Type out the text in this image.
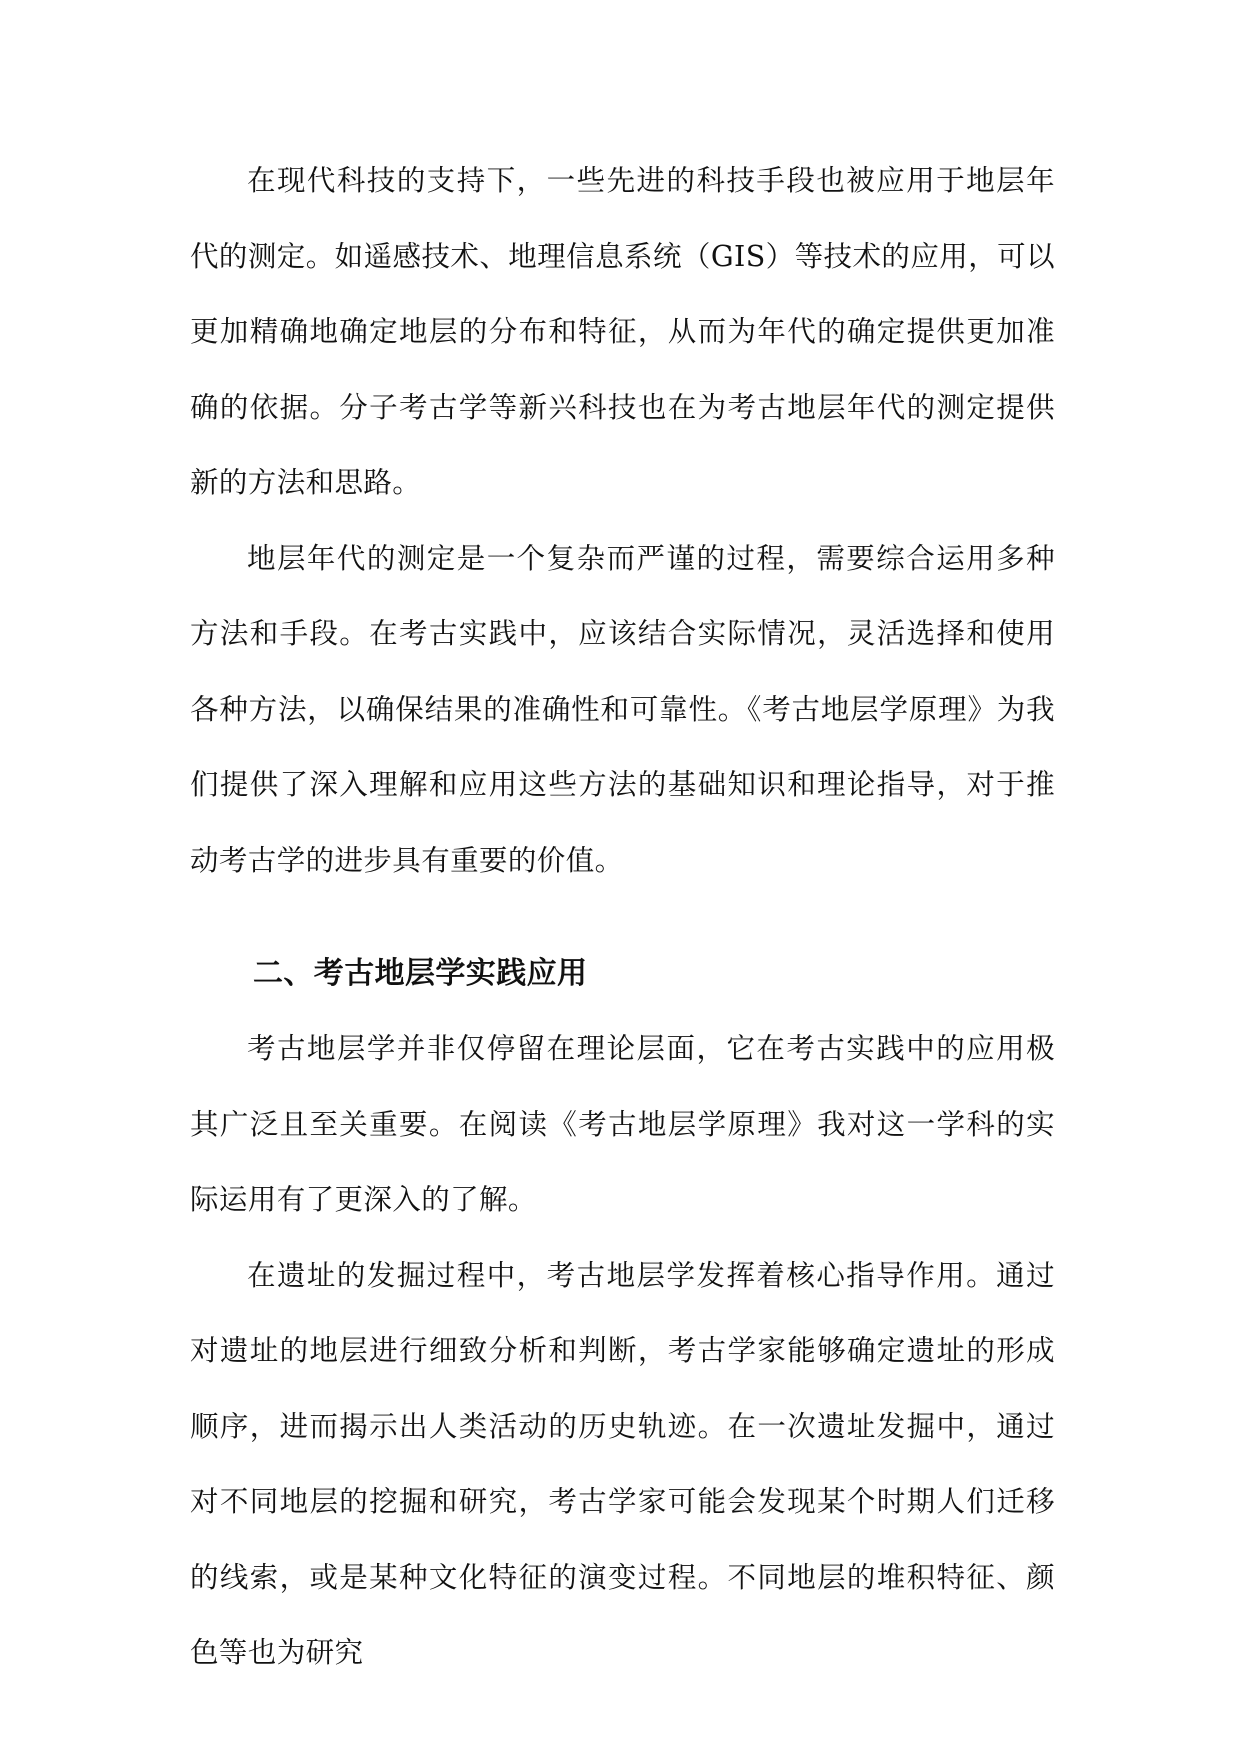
在现代科技的支持下，一些先进的科技手段也被应用于地层年代的测定。如遥感技术、地理信息系统（GIS）等技术的应用，可以更加精确地确定地层的分布和特征，从而为年代的确定提供更加准确的依据。分子考古学等新兴科技也在为考古地层年代的测定提供新的方法和思路。

地层年代的测定是一个复杂而严谨的过程，需要综合运用多种方法和手段。在考古实践中，应该结合实际情况，灵活选择和使用各种方法，以确保结果的准确性和可靠性。《考古地层学原理》为我们提供了深入理解和应用这些方法的基础知识和理论指导，对于推动考古学的进步具有重要的价值。

二、考古地层学实践应用

考古地层学并非仅停留在理论层面，它在考古实践中的应用极其广泛且至关重要。在阅读《考古地层学原理》我对这一学科的实际运用有了更深入的了解。

在遗址的发掘过程中，考古地层学发挥着核心指导作用。通过对遗址的地层进行细致分析和判断，考古学家能够确定遗址的形成顺序，进而揭示出人类活动的历史轨迹。在一次遗址发掘中，通过对不同地层的挖掘和研究，考古学家可能会发现某个时期人们迁移的线索，或是某种文化特征的演变过程。不同地层的堆积特征、颜色等也为研究
